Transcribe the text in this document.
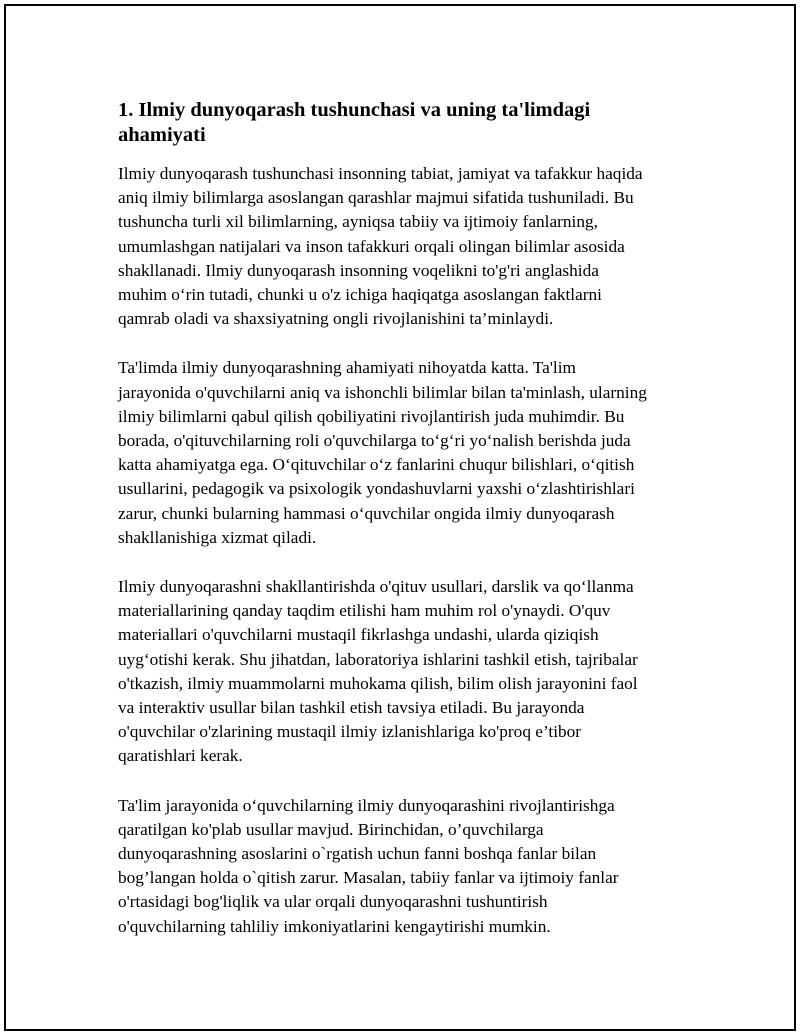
1. Ilmiy dunyoqarash tushunchasi va uning ta'limdagi
ahamiyati

Ilmiy dunyoqarash tushunchasi insonning tabiat, jamiyat va tafakkur haqida
aniq ilmiy bilimlarga asoslangan qarashlar majmui sifatida tushuniladi. Bu
tushuncha turli xil bilimlarning, ayniqsa tabiiy va ijtimoiy fanlarning,
umumlashgan natijalari va inson tafakkuri orqali olingan bilimlar asosida
shakllanadi. Ilmiy dunyoqarash insonning voqelikni to'g'ri anglashida
muhim o‘rin tutadi, chunki u o'z ichiga haqiqatga asoslangan faktlarni
qamrab oladi va shaxsiyatning ongli rivojlanishini ta’minlaydi.

Ta'limda ilmiy dunyoqarashning ahamiyati nihoyatda katta. Ta'lim
jarayonida o'quvchilarni aniq va ishonchli bilimlar bilan ta'minlash, ularning
ilmiy bilimlarni qabul qilish qobiliyatini rivojlantirish juda muhimdir. Bu
borada, o'qituvchilarning roli o'quvchilarga to‘g‘ri yo‘nalish berishda juda
katta ahamiyatga ega. O‘qituvchilar o‘z fanlarini chuqur bilishlari, o‘qitish
usullarini, pedagogik va psixologik yondashuvlarni yaxshi o‘zlashtirishlari
zarur, chunki bularning hammasi o‘quvchilar ongida ilmiy dunyoqarash
shakllanishiga xizmat qiladi.

Ilmiy dunyoqarashni shakllantirishda o'qituv usullari, darslik va qo‘llanma
materiallarining qanday taqdim etilishi ham muhim rol o'ynaydi. O'quv
materiallari o'quvchilarni mustaqil fikrlashga undashi, ularda qiziqish
uyg‘otishi kerak. Shu jihatdan, laboratoriya ishlarini tashkil etish, tajribalar
o'tkazish, ilmiy muammolarni muhokama qilish, bilim olish jarayonini faol
va interaktiv usullar bilan tashkil etish tavsiya etiladi. Bu jarayonda
o'quvchilar o'zlarining mustaqil ilmiy izlanishlariga ko'proq e’tibor
qaratishlari kerak.

Ta'lim jarayonida o‘quvchilarning ilmiy dunyoqarashini rivojlantirishga
qaratilgan ko'plab usullar mavjud. Birinchidan, o’quvchilarga
dunyoqarashning asoslarini o`rgatish uchun fanni boshqa fanlar bilan
bog’langan holda o`qitish zarur. Masalan, tabiiy fanlar va ijtimoiy fanlar
o'rtasidagi bog'liqlik va ular orqali dunyoqarashni tushuntirish
o'quvchilarning tahliliy imkoniyatlarini kengaytirishi mumkin.
